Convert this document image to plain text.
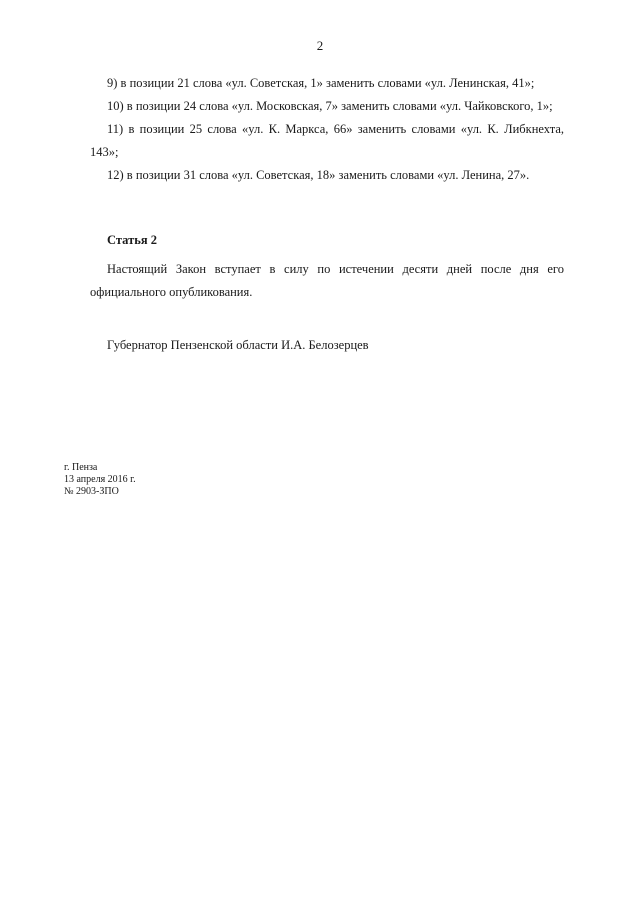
2

9) в позиции 21 слова «ул. Советская, 1» заменить словами «ул. Ленинская, 41»;

10) в позиции 24 слова «ул. Московская, 7» заменить словами «ул. Чайковского, 1»;

11) в позиции 25 слова «ул. К. Маркса, 66» заменить словами «ул. К. Либкнехта, 143»;

12) в позиции 31 слова «ул. Советская, 18» заменить словами «ул. Ленина, 27».

Статья 2

Настоящий Закон вступает в силу по истечении десяти дней после дня его официального опубликования.

Губернатор Пензенской области И.А. Белозерцев
г. Пенза
13 апреля 2016 г.
№ 2903-ЗПО
